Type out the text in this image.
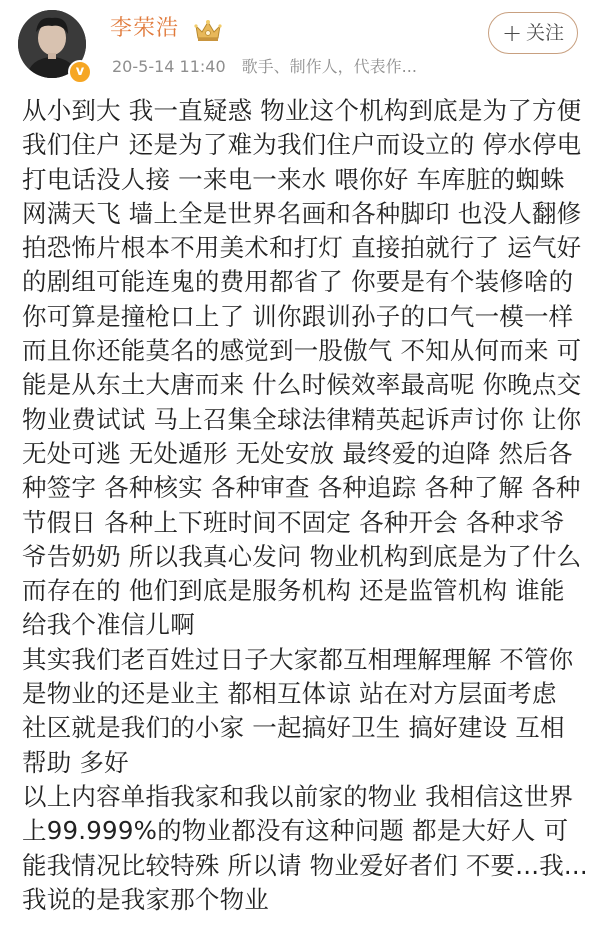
v
李荣浩
20-5-14 11:40 歌手、制作人，代表作...
+ 关注

从小到大 我一直疑惑 物业这个机构到底是为了方便我们住户 还是为了难为我们住户而设立的 停水停电打电话没人接 一来电一来水 喂你好 车库脏的蜘蛛网满天飞 墙上全是世界名画和各种脚印 也没人翻修 拍恐怖片根本不用美术和打灯 直接拍就行了 运气好的剧组可能连鬼的费用都省了 你要是有个装修啥的 你可算是撞枪口上了 训你跟训孙子的口气一模一样 而且你还能莫名的感觉到一股傲气 不知从何而来 可能是从东土大唐而来 什么时候效率最高呢 你晚点交物业费试试 马上召集全球法律精英起诉声讨你 让你无处可逃 无处遁形 无处安放 最终爱的迫降 然后各种签字 各种核实 各种审查 各种追踪 各种了解 各种节假日 各种上下班时间不固定 各种开会 各种求爷爷告奶奶 所以我真心发问 物业机构到底是为了什么而存在的 他们到底是服务机构 还是监管机构 谁能给我个准信儿啊

其实我们老百姓过日子大家都互相理解理解 不管你是物业的还是业主 都相互体谅 站在对方层面考虑 社区就是我们的小家 一起搞好卫生 搞好建设 互相帮助 多好

以上内容单指我家和我以前家的物业 我相信这世界上99.999%的物业都没有这种问题 都是大好人 可能我情况比较特殊 所以请 物业爱好者们 不要...我...我说的是我家那个物业
